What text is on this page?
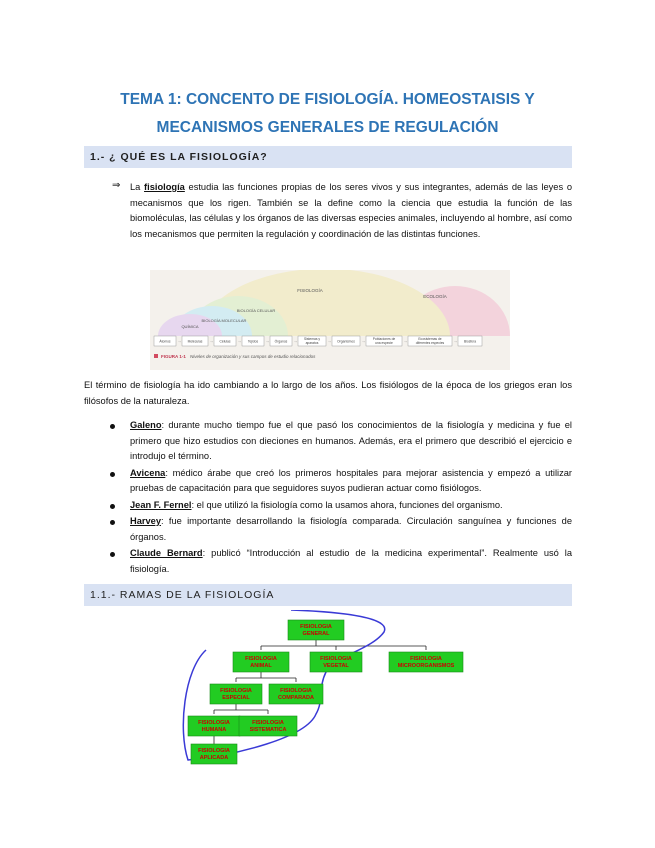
TEMA 1: CONCENTO DE FISIOLOGÍA. HOMEOSTAISIS Y
MECANISMOS GENERALES DE REGULACIÓN
1.- ¿ QUÉ ES LA FISIOLOGÍA?
⇒	La fisiología estudia las funciones propias de los seres vivos y sus integrantes, además de las leyes o mecanismos que los rigen. También se la define como la ciencia que estudia la función de las biomoléculas, las células y los órganos de las diversas especies animales, incluyendo al hombre, así como los mecanismos que permiten la regulación y coordinación de las distintas funciones.

FISIOLOGÍA
ECOLOGÍA
BIOLOGÍA CELULAR
BIOLOGÍA MOLECULAR
QUÍMICA
Átomos → Moléculas → Células → Tejidos → Órganos → Sistemas y
aparatos → Organismos → Poblaciones de
una especie	→	Ecosistemas de
diferentes especies → Biosfera
FIGURA 1-1 Niveles de organización y sus campos de estudio relacionados

El término de fisiología ha ido cambiando a lo largo de los años. Los fisiólogos de la época de los griegos eran los filósofos de la naturaleza.

Galeno: durante mucho tiempo fue el que pasó los conocimientos de la fisiología y medicina y fue el primero que hizo estudios con dieciones en humanos. Además, era el primero que describió el ejercicio e introdujo el término.
Avicena: médico árabe que creó los primeros hospitales para mejorar asistencia y empezó a utilizar pruebas de capacitación para que seguidores suyos pudieran actuar como fisiólogos.
Jean F. Fernel: el que utilizó la fisiología como la usamos ahora, funciones del organismo.
Harvey: fue importante desarrollando la fisiología comparada. Circulación sanguínea y funciones de órganos.
Claude Bernard: publicó “Introducción al estudio de la medicina experimental”. Realmente usó la fisiología.
1.1.- RAMAS DE LA FISIOLOGÍA
FISIOLOGIA
GENERAL
FISIOLOGIA
ANIMAL
FISIOLOGIA
VEGETAL
FISIOLOGIA
MICROORGANISMOS
FISIOLOGIA
ESPECIAL
FISIOLOGIA
COMPARADA
FISIOLOGIA
HUMANA
FISIOLOGIA
SISTEMATICA
FISIOLOGIA
APLICADA
